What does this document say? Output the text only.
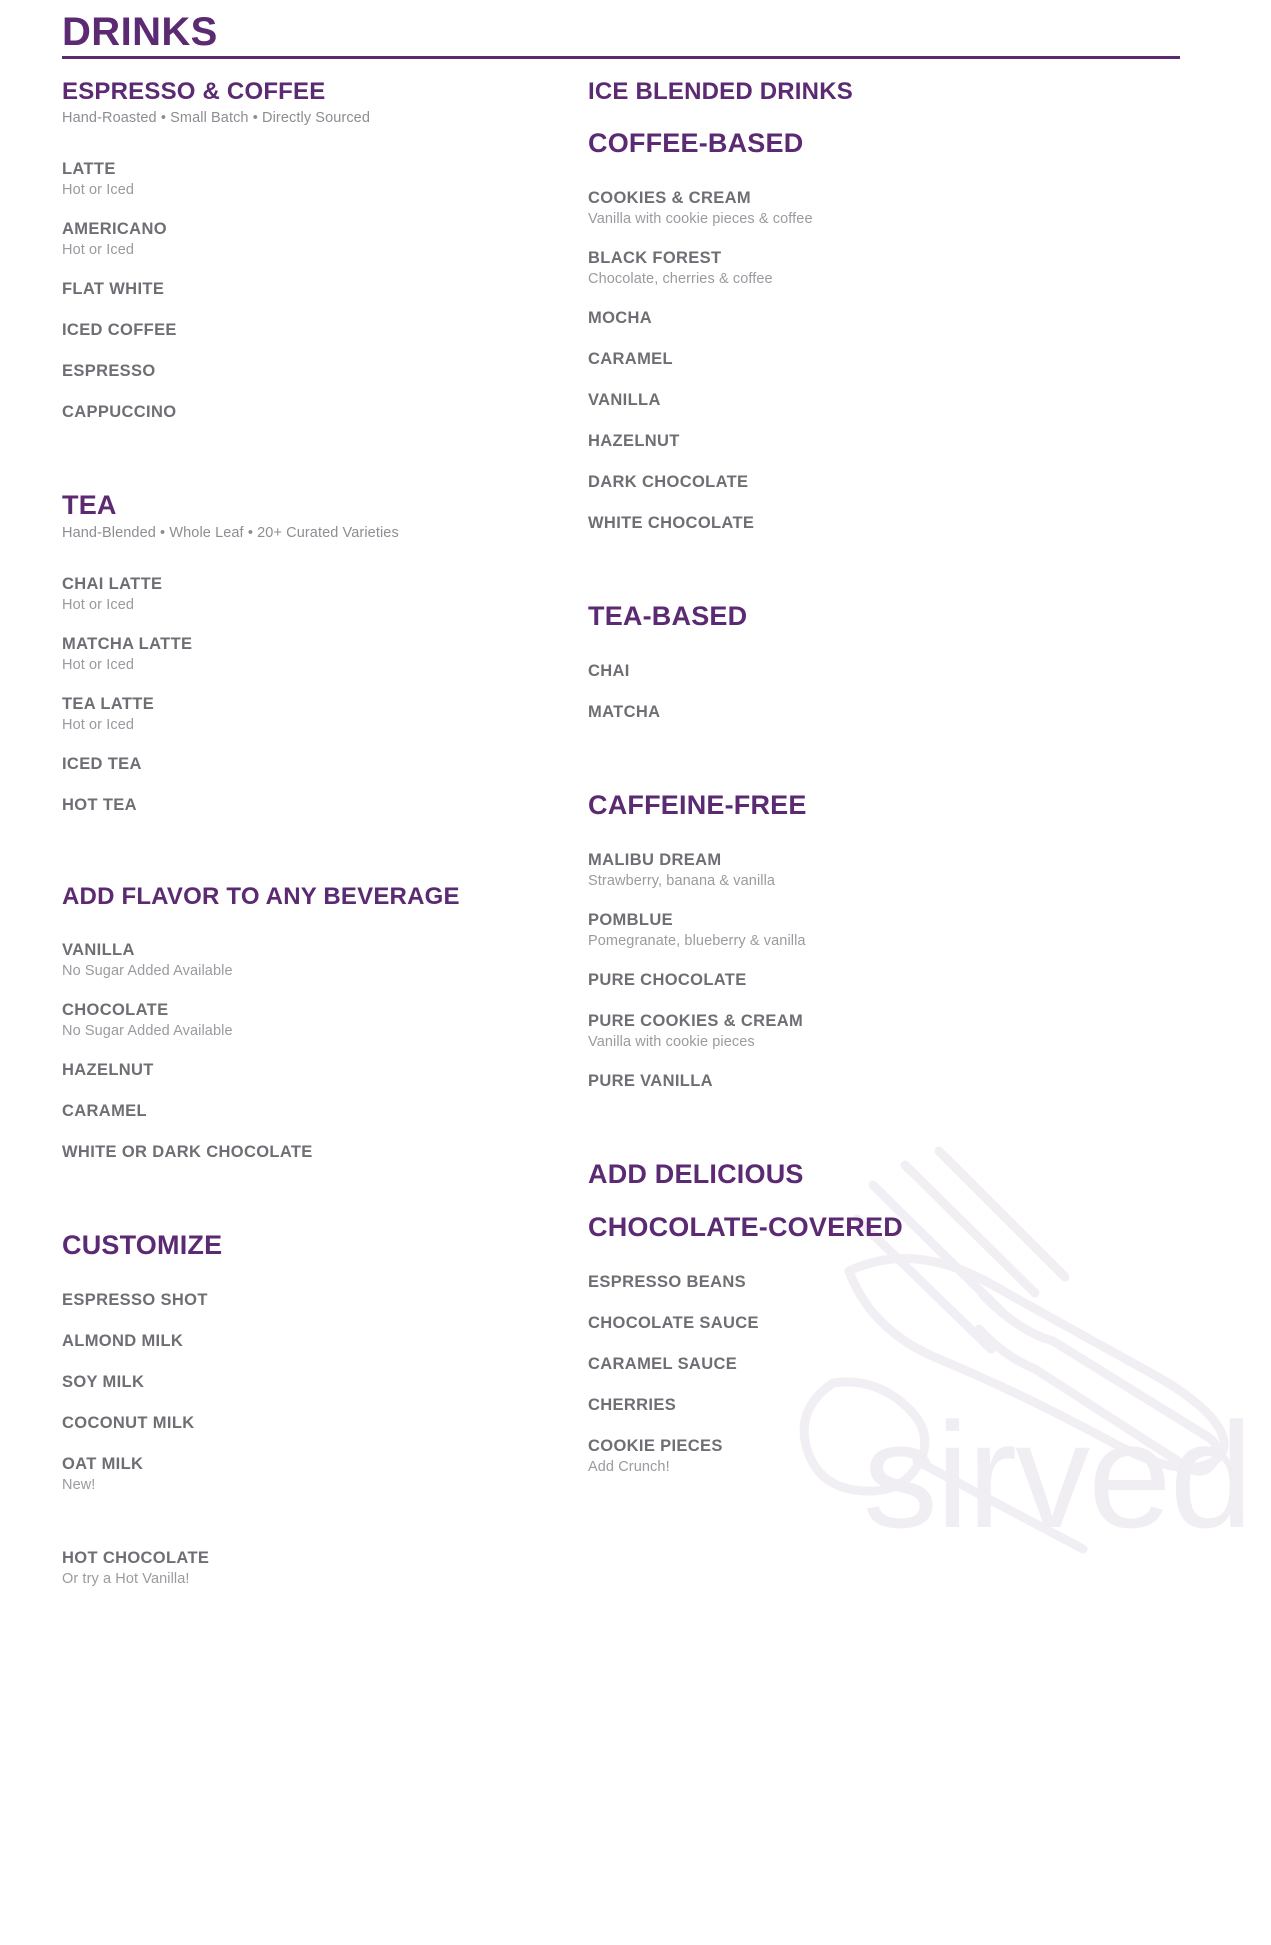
sirved
DRINKS
ESPRESSO & COFFEE
Hand-Roasted • Small Batch • Directly Sourced
LATTE
Hot or Iced
AMERICANO
Hot or Iced
FLAT WHITE
ICED COFFEE
ESPRESSO
CAPPUCCINO
TEA
Hand-Blended • Whole Leaf • 20+ Curated Varieties
CHAI LATTE
Hot or Iced
MATCHA LATTE
Hot or Iced
TEA LATTE
Hot or Iced
ICED TEA
HOT TEA
ADD FLAVOR TO ANY BEVERAGE
VANILLA
No Sugar Added Available
CHOCOLATE
No Sugar Added Available
HAZELNUT
CARAMEL
WHITE OR DARK CHOCOLATE
CUSTOMIZE
ESPRESSO SHOT
ALMOND MILK
SOY MILK
COCONUT MILK
OAT MILK
New!
HOT CHOCOLATE
Or try a Hot Vanilla!
ICE BLENDED DRINKS
COFFEE-BASED
COOKIES & CREAM
Vanilla with cookie pieces & coffee
BLACK FOREST
Chocolate, cherries & coffee
MOCHA
CARAMEL
VANILLA
HAZELNUT
DARK CHOCOLATE
WHITE CHOCOLATE
TEA-BASED
CHAI
MATCHA
CAFFEINE-FREE
MALIBU DREAM
Strawberry, banana & vanilla
POMBLUE
Pomegranate, blueberry & vanilla
PURE CHOCOLATE
PURE COOKIES & CREAM
Vanilla with cookie pieces
PURE VANILLA
ADD DELICIOUS
CHOCOLATE-COVERED
ESPRESSO BEANS
CHOCOLATE SAUCE
CARAMEL SAUCE
CHERRIES
COOKIE PIECES
Add Crunch!
